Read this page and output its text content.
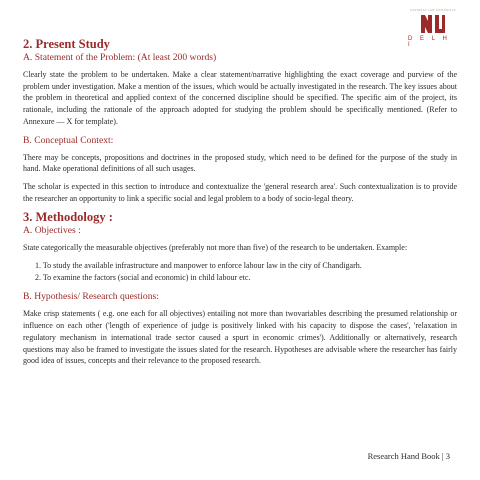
NATIONAL LAW UNIVERSITY
D E L H I
2. Present Study
A. Statement of the Problem: (At least 200 words)

Clearly state the problem to be undertaken. Make a clear statement/narrative highlighting the exact coverage and purview of the problem under investigation. Make a mention of the issues, which would be actually investigated in the research. The key issues about the problem in theoretical and applied context of the concerned discipline should be specified. The specific aim of the project, its rationale, including the rationale of the approach adopted for studying the problem should be specifically mentioned. (Refer to Annexure — X for template).

B. Conceptual Context:

There may be concepts, propositions and doctrines in the proposed study, which need to be defined for the purpose of the study in hand. Make operational definitions of all such usages.

The scholar is expected in this section to introduce and contextualize the 'general research area'. Such contextualization is to provide the researcher an opportunity to link a specific social and legal problem to a body of socio-legal theory.

3. Methodology :
A. Objectives :

State categorically the measurable objectives (preferably not more than five) of the research to be undertaken. Example:

1. To study the available infrastructure and manpower to enforce labour law in the city of Chandigarh.
2. To examine the factors (social and economic) in child labour etc.
B. Hypothesis/ Research questions:

Make crisp statements ( e.g. one each for all objectives) entailing not more than twovariables describing the presumed relationship or influence on each other ('length of experience of judge is positively linked with his capacity to dispose the cases', 'relaxation in regulatory mechanism in international trade sector caused a spurt in economic crimes'). Additionally or alternatively, research questions may also be framed to investigate the issues slated for the research. Hypotheses are advisable where the researcher has fairly good idea of issues, concepts and their relevance to the proposed research.

Research Hand Book | 3
